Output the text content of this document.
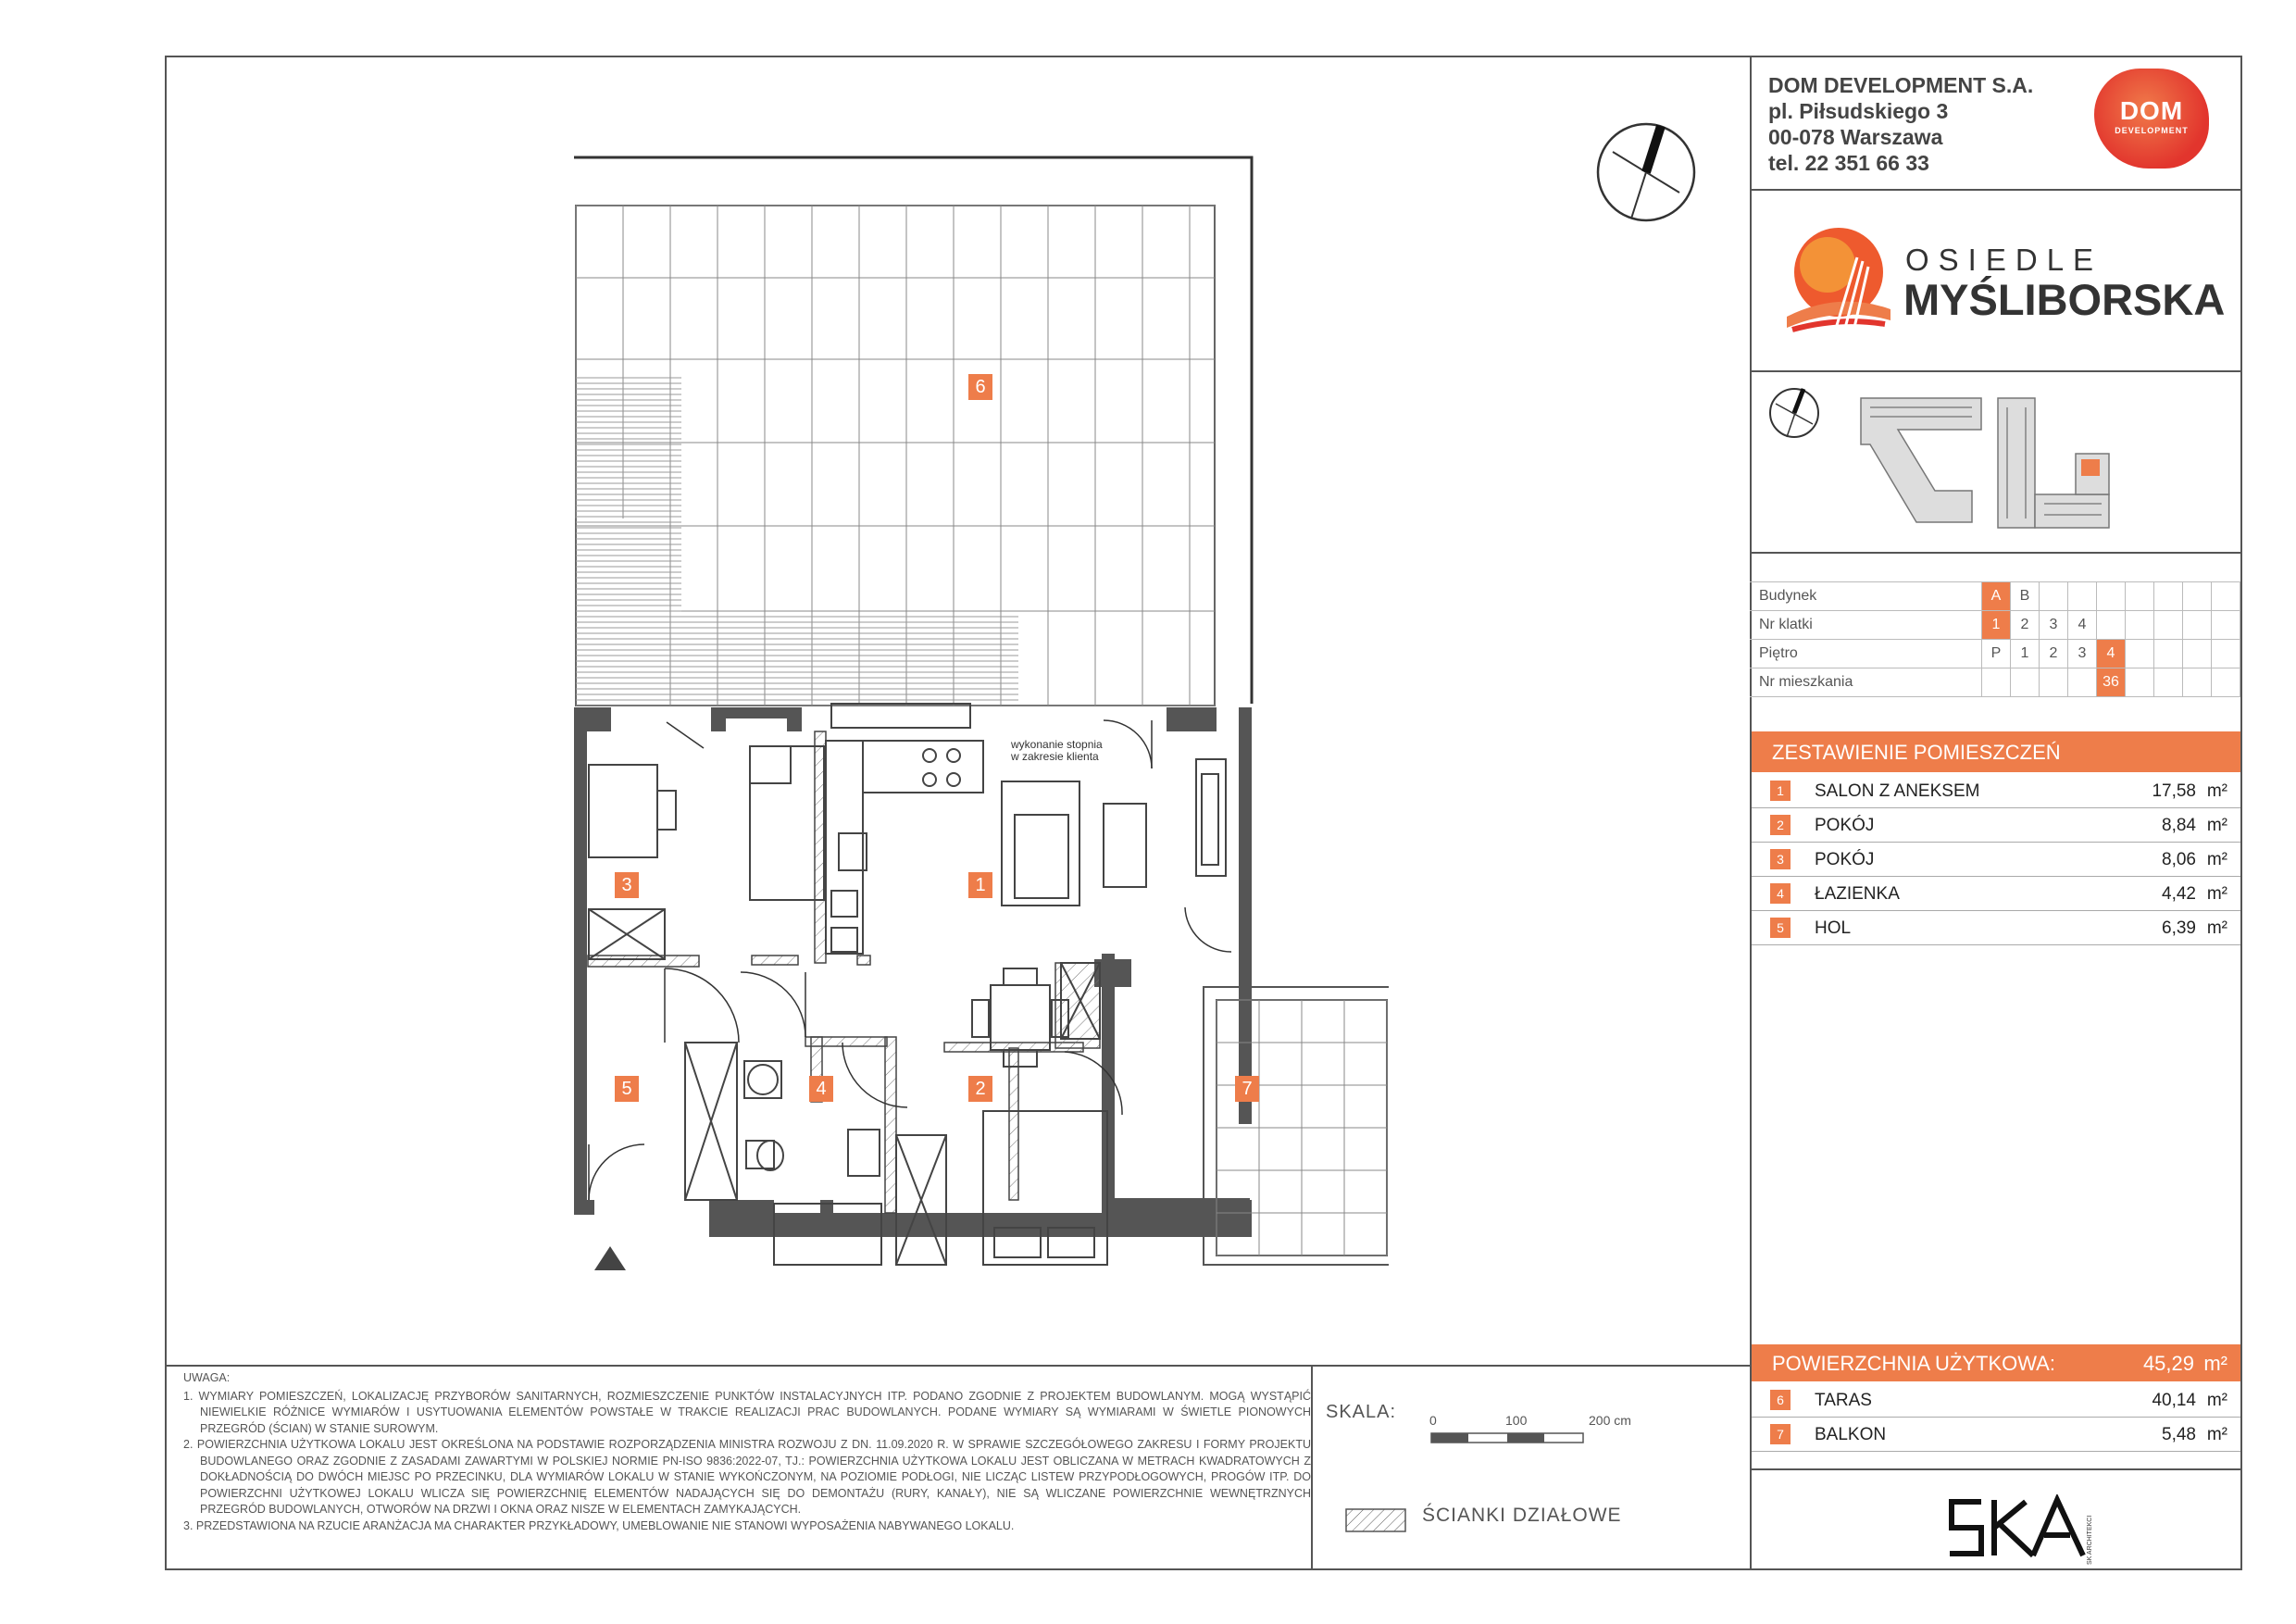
DOM DEVELOPMENT S.A.
pl. Piłsudskiego 3
00-078 Warszawa
tel. 22 351 66 33
DOM
DEVELOPMENT
OSIEDLE
MYŚLIBORSKA
Budynek	A	B							
Nr klatki	1	2	3	4					
Piętro	P	1	2	3	4				
Nr mieszkania					36				
ZESTAWIENIE POMIESZCZEŃ
1	SALON Z ANEKSEM	17,58 m²
2	POKÓJ	8,84 m²
3	POKÓJ	8,06 m²
4	ŁAZIENKA	4,42 m²
5	HOL	6,39 m²
POWIERZCHNIA UŻYTKOWA:	45,29 m²
6	TARAS	40,14 m²
7	BALKON	5,48 m²
UWAGA:

1. WYMIARY POMIESZCZEŃ, LOKALIZACJĘ PRZYBORÓW SANITARNYCH, ROZMIESZCZENIE PUNKTÓW INSTALACYJNYCH ITP. PODANO ZGODNIE Z PROJEKTEM BUDOWLANYM. MOGĄ WYSTĄPIĆ NIEWIELKIE RÓŻNICE WYMIARÓW I USYTUOWANIA ELEMENTÓW POWSTAŁE W TRAKCIE REALIZACJI PRAC BUDOWLANYCH. PODANE WYMIARY SĄ WYMIARAMI W ŚWIETLE PIONOWYCH PRZEGRÓD (ŚCIAN) W STANIE SUROWYM.

2. POWIERZCHNIA UŻYTKOWA LOKALU JEST OKREŚLONA NA PODSTAWIE ROZPORZĄDZENIA MINISTRA ROZWOJU Z DN. 11.09.2020 R. W SPRAWIE SZCZEGÓŁOWEGO ZAKRESU I FORMY PROJEKTU BUDOWLANEGO ORAZ ZGODNIE Z ZASADAMI ZAWARTYMI W POLSKIEJ NORMIE PN-ISO 9836:2022-07, TJ.: POWIERZCHNIA UŻYTKOWA LOKALU JEST OBLICZANA W METRACH KWADRATOWYCH Z DOKŁADNOŚCIĄ DO DWÓCH MIEJSC PO PRZECINKU, DLA WYMIARÓW LOKALU W STANIE WYKOŃCZONYM, NA POZIOMIE PODŁOGI, NIE LICZĄC LISTEW PRZYPODŁOGOWYCH, PROGÓW ITP. DO POWIERZCHNI UŻYTKOWEJ LOKALU WLICZA SIĘ POWIERZCHNIĘ ELEMENTÓW NADAJĄCYCH SIĘ DO DEMONTAŻU (RURY, KANAŁY), NIE SĄ WLICZANE POWIERZCHNIE WEWNĘTRZNYCH PRZEGRÓD BUDOWLANYCH, OTWORÓW NA DRZWI I OKNA ORAZ NISZE W ELEMENTACH ZAMYKAJĄCYCH.

3. PRZEDSTAWIONA NA RZUCIE ARANŻACJA MA CHARAKTER PRZYKŁADOWY, UMEBLOWANIE NIE STANOWI WYPOSAŻENIA NABYWANEGO LOKALU.

SKALA:	0	100	200 cm
ŚCIANKI DZIAŁOWE
SK ARCHITEKCI
wykonanie stopnia
w zakresie klienta
6
1
3
5	4	2	7
